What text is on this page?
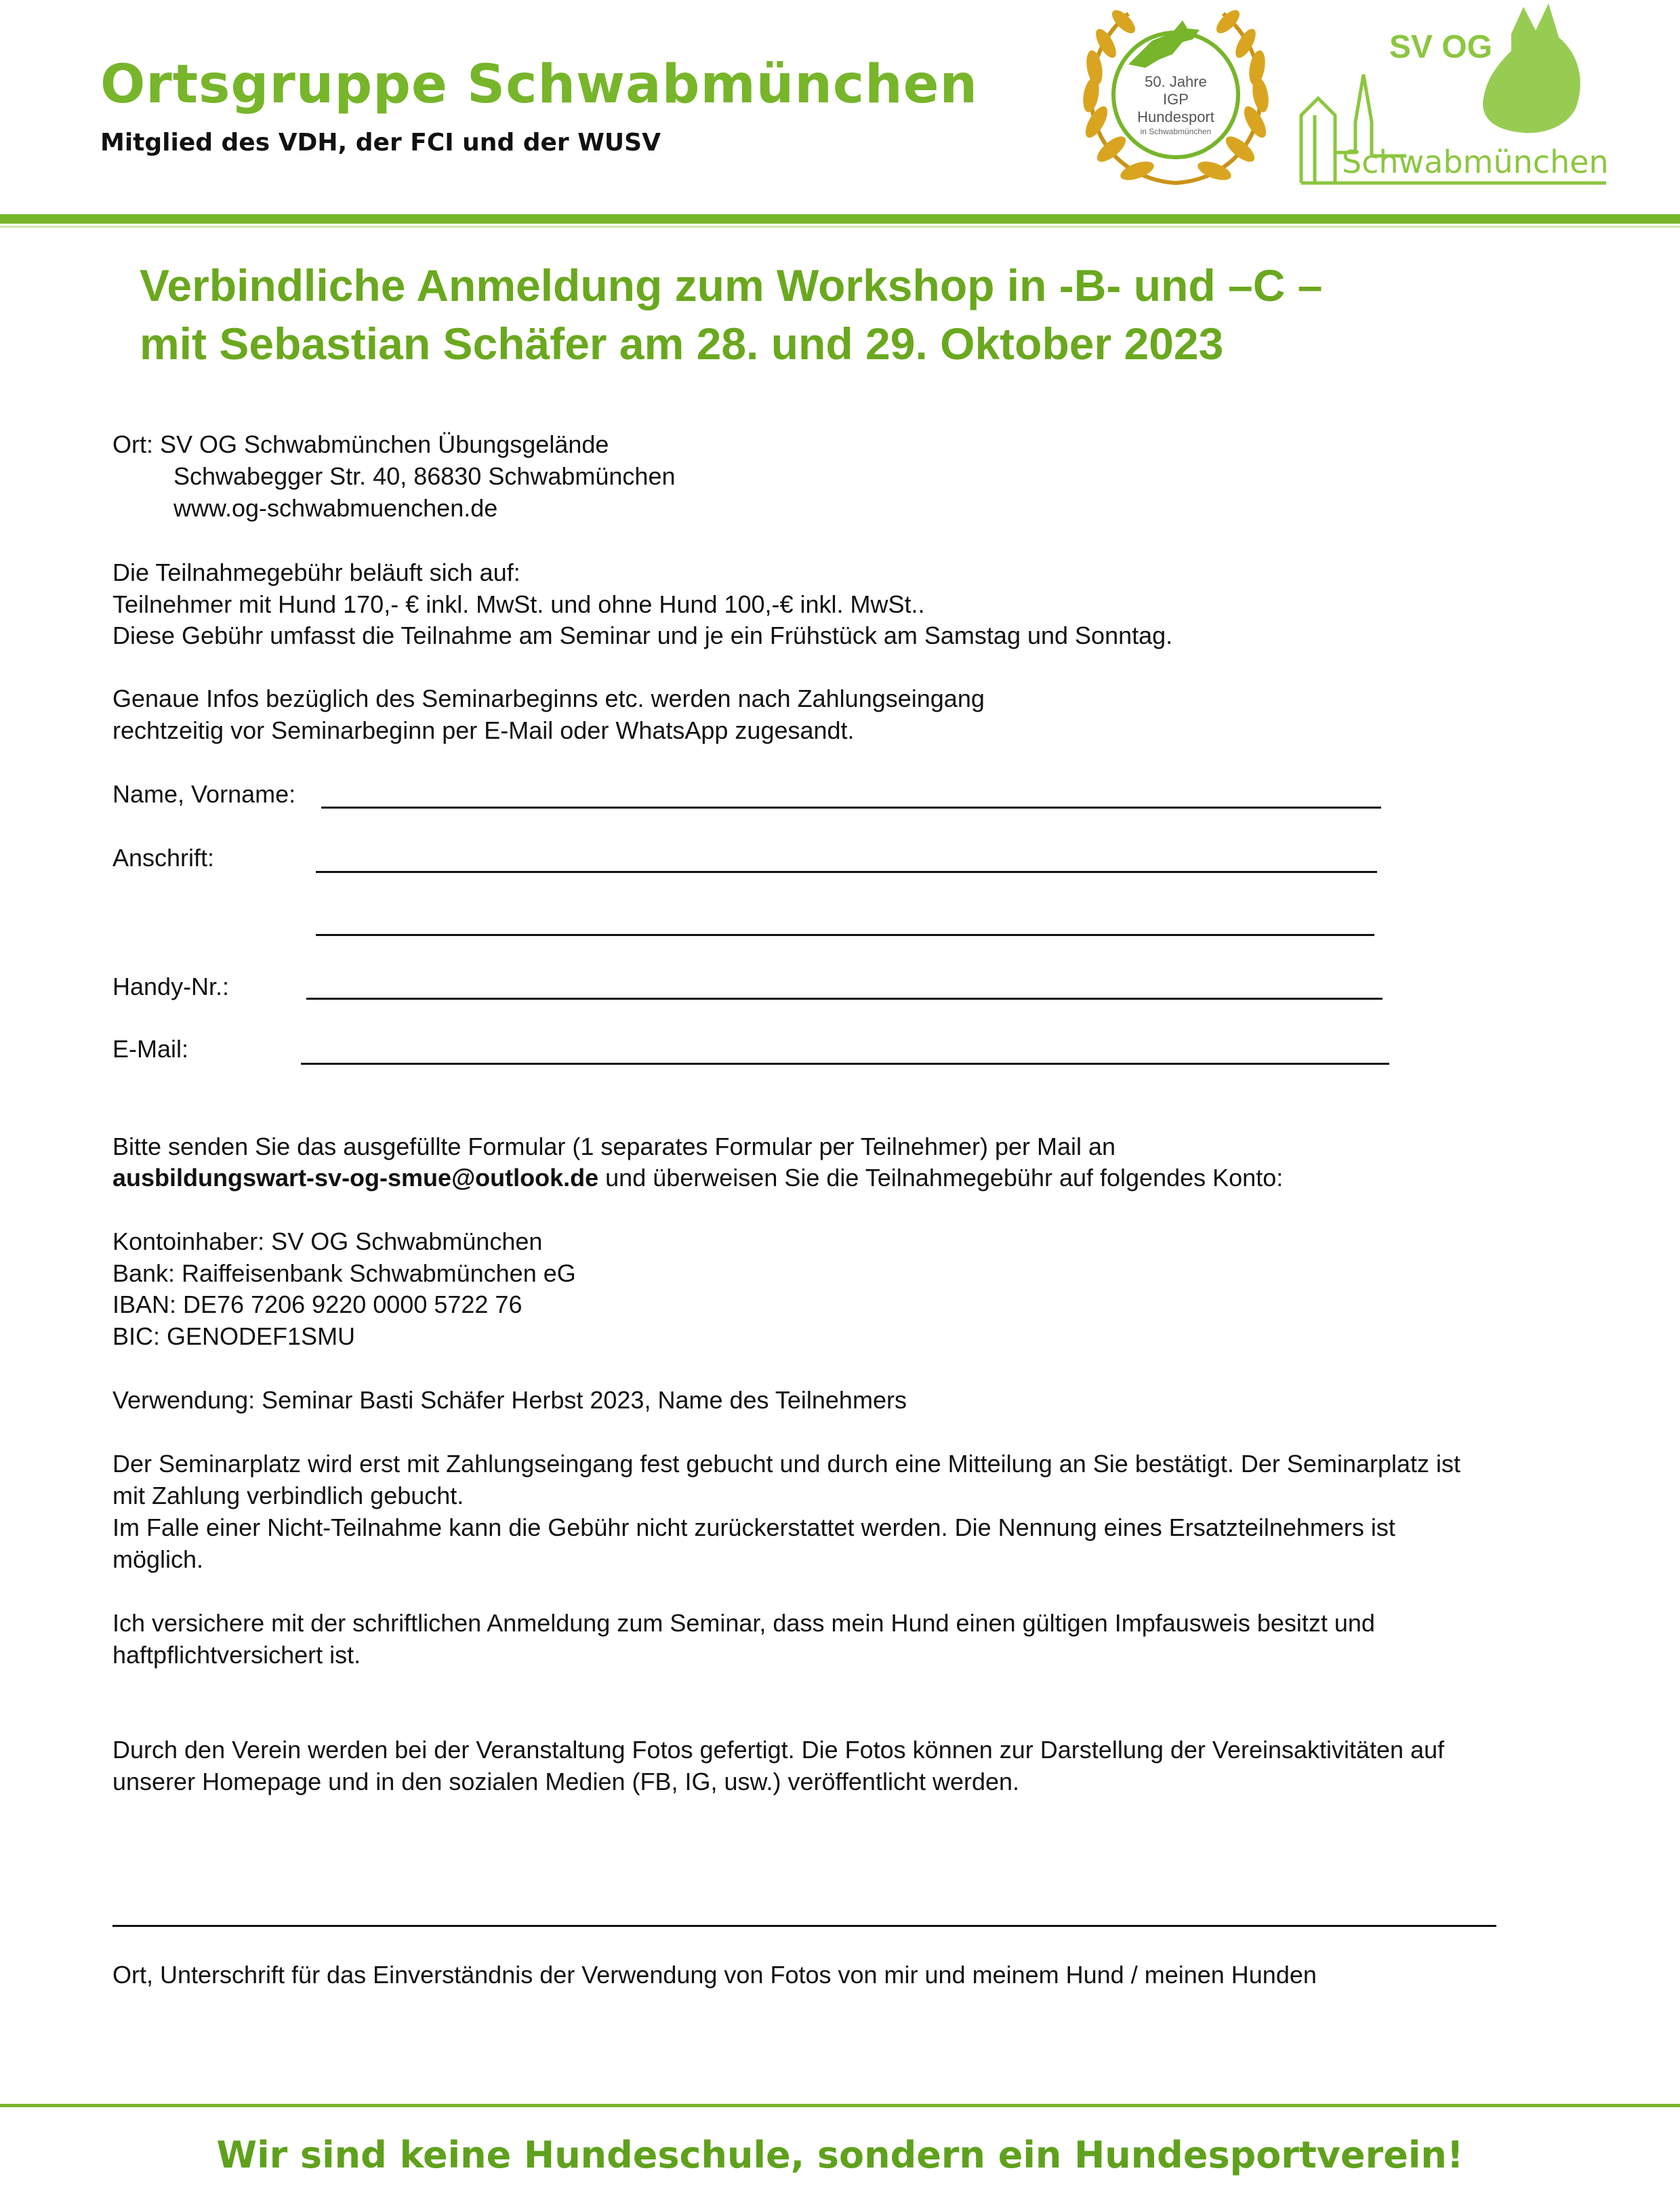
Ortsgruppe Schwabmünchen

Mitglied des VDH, der FCI und der WUSV

50. Jahre
IGP
Hundesport
in Schwabmünchen
SV OG
Schwabmünchen
Verbindliche Anmeldung zum Workshop in -B- und –C –
mit Sebastian Schäfer am 28. und 29. Oktober 2023

Ort: SV OG Schwabmünchen Übungsgelände

Schwabegger Str. 40, 86830 Schwabmünchen

www.og-schwabmuenchen.de

Die Teilnahmegebühr beläuft sich auf:

Teilnehmer mit Hund 170,- € inkl. MwSt. und ohne Hund 100,-€ inkl. MwSt..

Diese Gebühr umfasst die Teilnahme am Seminar und je ein Frühstück am Samstag und Sonntag.

Genaue Infos bezüglich des Seminarbeginns etc. werden nach Zahlungseingang

rechtzeitig vor Seminarbeginn per E-Mail oder WhatsApp zugesandt.

Name, Vorname:

Anschrift:

Handy-Nr.:

E-Mail:

Bitte senden Sie das ausgefüllte Formular (1 separates Formular per Teilnehmer) per Mail an

ausbildungswart-sv-og-smue@outlook.de und überweisen Sie die Teilnahmegebühr auf folgendes Konto:

Kontoinhaber: SV OG Schwabmünchen

Bank: Raiffeisenbank Schwabmünchen eG

IBAN: DE76 7206 9220 0000 5722 76

BIC: GENODEF1SMU

Verwendung: Seminar Basti Schäfer Herbst 2023, Name des Teilnehmers

Der Seminarplatz wird erst mit Zahlungseingang fest gebucht und durch eine Mitteilung an Sie bestätigt. Der Seminarplatz ist

mit Zahlung verbindlich gebucht.

Im Falle einer Nicht-Teilnahme kann die Gebühr nicht zurückerstattet werden. Die Nennung eines Ersatzteilnehmers ist

möglich.

Ich versichere mit der schriftlichen Anmeldung zum Seminar, dass mein Hund einen gültigen Impfausweis besitzt und

haftpflichtversichert ist.

Durch den Verein werden bei der Veranstaltung Fotos gefertigt. Die Fotos können zur Darstellung der Vereinsaktivitäten auf

unserer Homepage und in den sozialen Medien (FB, IG, usw.) veröffentlicht werden.

Ort, Unterschrift für das Einverständnis der Verwendung von Fotos von mir und meinem Hund / meinen Hunden

Wir sind keine Hundeschule, sondern ein Hundesportverein!
